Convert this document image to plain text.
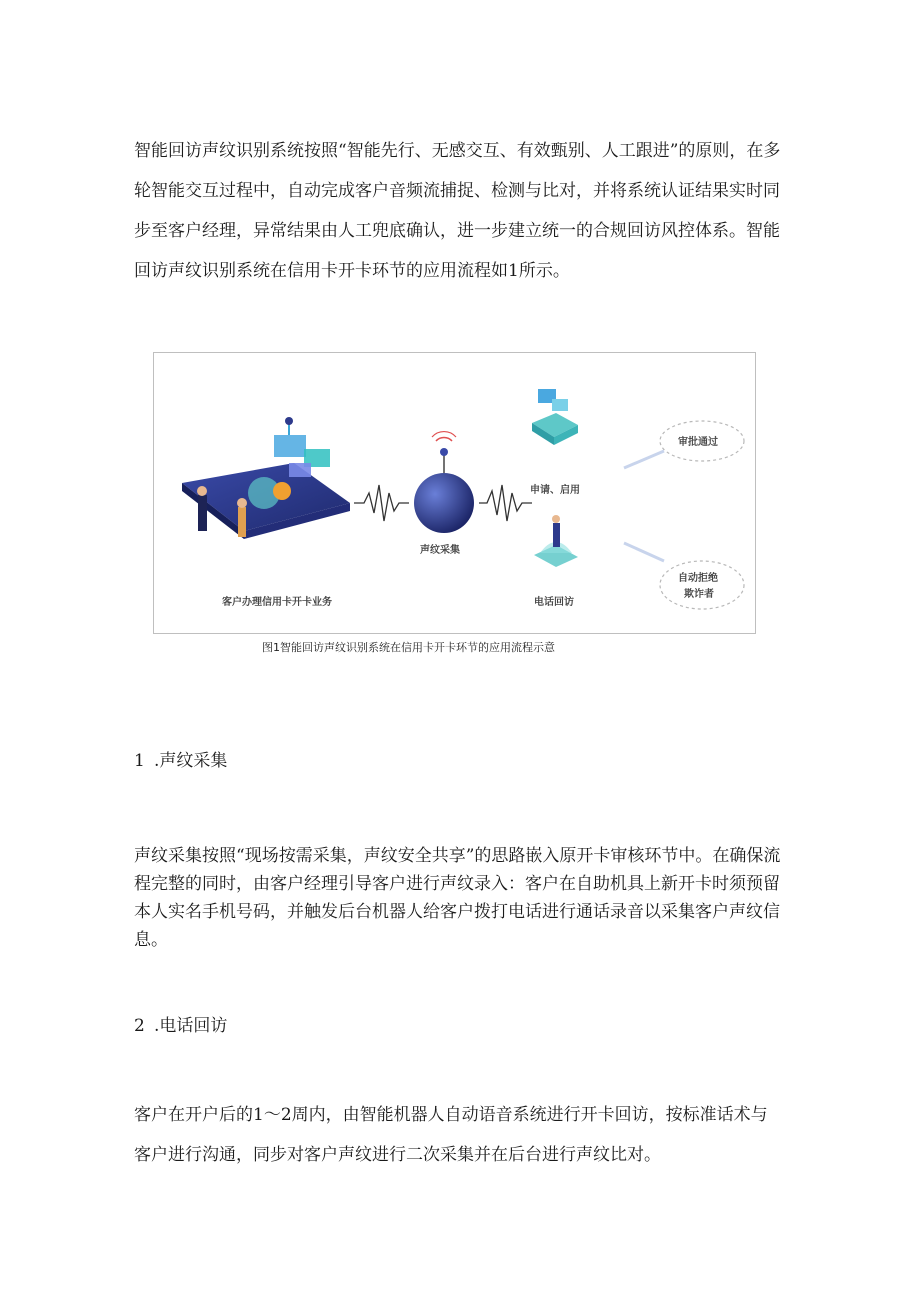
智能回访声纹识别系统按照“智能先行、无感交互、有效甄别、人工跟进”的原则，在多轮智能交互过程中，自动完成客户音频流捕捉、检测与比对，并将系统认证结果实时同步至客户经理，异常结果由人工兜底确认，进一步建立统一的合规回访风控体系。智能回访声纹识别系统在信用卡开卡环节的应用流程如1所示。

客户办理信用卡开卡业务
声纹采集
申请、启用
电话回访
审批通过
自动拒绝
欺诈者
图1智能回访声纹识别系统在信用卡开卡环节的应用流程示意
1 .声纹采集

声纹采集按照“现场按需采集，声纹安全共享”的思路嵌入原开卡审核环节中。在确保流程完整的同时，由客户经理引导客户进行声纹录入：客户在自助机具上新开卡时须预留本人实名手机号码，并触发后台机器人给客户拨打电话进行通话录音以采集客户声纹信息。

2 .电话回访

客户在开户后的1～2周内，由智能机器人自动语音系统进行开卡回访，按标准话术与客户进行沟通，同步对客户声纹进行二次采集并在后台进行声纹比对。
